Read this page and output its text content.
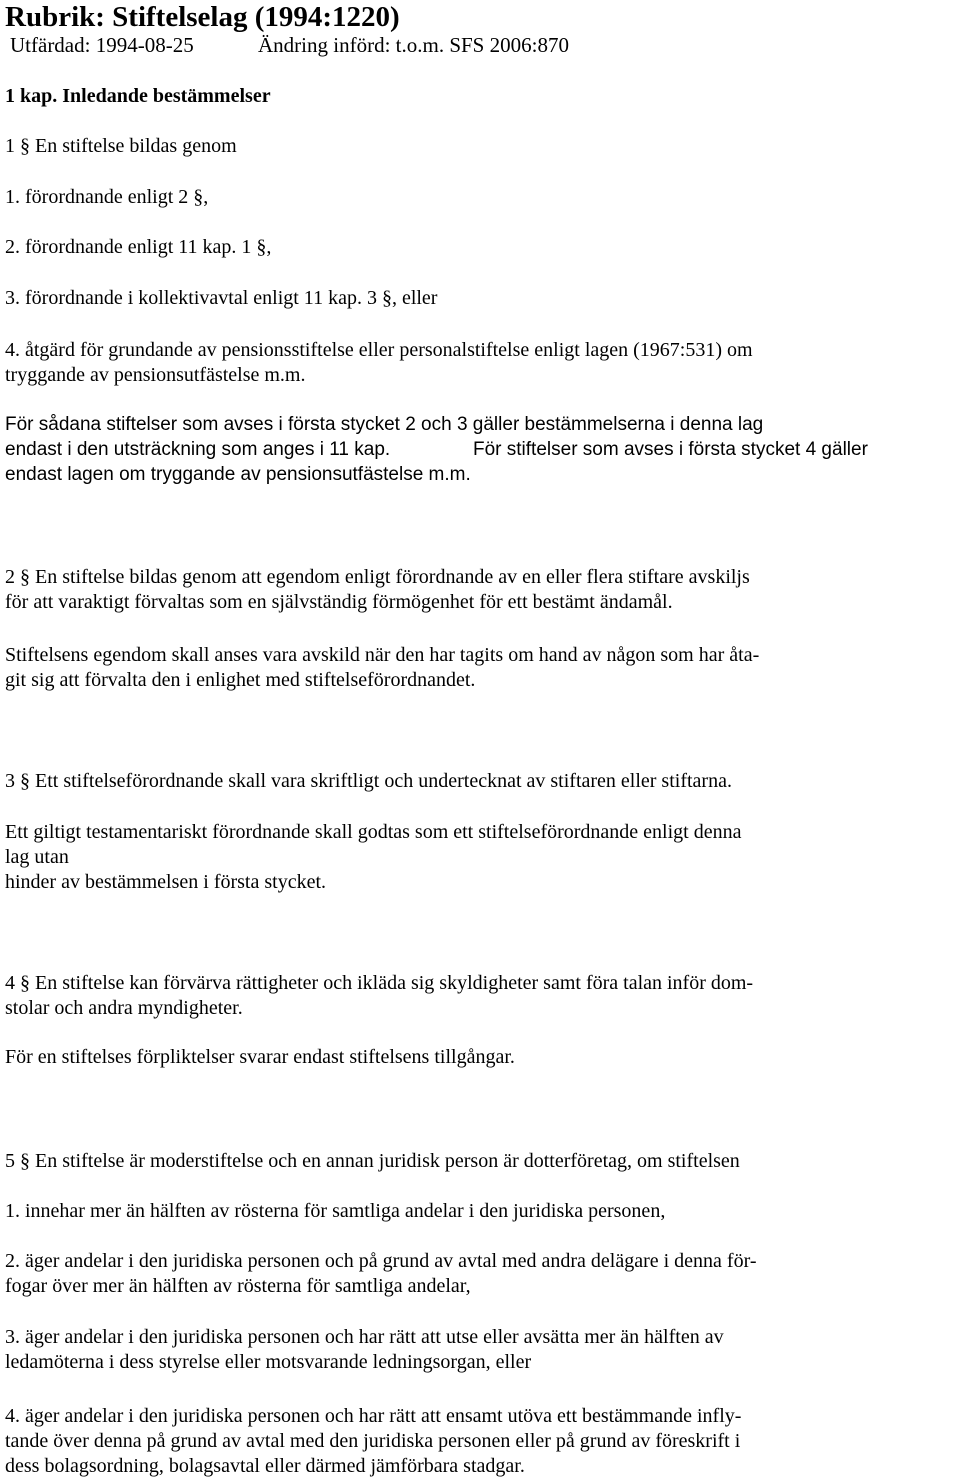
Rubrik: Stiftelselag (1994:1220)
Utfärdad: 1994-08-25	Ändring införd: t.o.m. SFS 2006:870
1 kap. Inledande bestämmelser
1 § En stiftelse bildas genom
1. förordnande enligt 2 §,
2. förordnande enligt 11 kap. 1 §,
3. förordnande i kollektivavtal enligt 11 kap. 3 §, eller
4. åtgärd för grundande av pensionsstiftelse eller personalstiftelse enligt lagen (1967:531) om
tryggande av pensionsutfästelse m.m.
För sådana stiftelser som avses i första stycket 2 och 3 gäller bestämmelserna i denna lag
endast i den utsträckning som anges i 11 kap.	För stiftelser som avses i första stycket 4 gäller
endast lagen om tryggande av pensionsutfästelse m.m.
2 § En stiftelse bildas genom att egendom enligt förordnande av en eller flera stiftare avskiljs
för att varaktigt förvaltas som en självständig förmögenhet för ett bestämt ändamål.
Stiftelsens egendom skall anses vara avskild när den har tagits om hand av någon som har åta-
git sig att förvalta den i enlighet med stiftelseförordnandet.
3 § Ett stiftelseförordnande skall vara skriftligt och undertecknat av stiftaren eller stiftarna.
Ett giltigt testamentariskt förordnande skall godtas som ett stiftelseförordnande enligt denna
lag utan
hinder av bestämmelsen i första stycket.
4 § En stiftelse kan förvärva rättigheter och ikläda sig skyldigheter samt föra talan inför dom-
stolar och andra myndigheter.
För en stiftelses förpliktelser svarar endast stiftelsens tillgångar.
5 § En stiftelse är moderstiftelse och en annan juridisk person är dotterföretag, om stiftelsen
1. innehar mer än hälften av rösterna för samtliga andelar i den juridiska personen,
2. äger andelar i den juridiska personen och på grund av avtal med andra delägare i denna för-
fogar över mer än hälften av rösterna för samtliga andelar,
3. äger andelar i den juridiska personen och har rätt att utse eller avsätta mer än hälften av
ledamöterna i dess styrelse eller motsvarande ledningsorgan, eller
4. äger andelar i den juridiska personen och har rätt att ensamt utöva ett bestämmande infly-
tande över denna på grund av avtal med den juridiska personen eller på grund av föreskrift i
dess bolagsordning, bolagsavtal eller därmed jämförbara stadgar.
